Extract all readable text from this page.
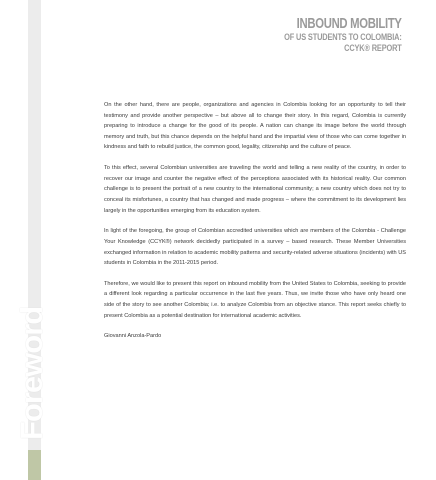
Foreword
INBOUND MOBILITY
OF US STUDENTS TO COLOMBIA:
CCYK® REPORT

On the other hand, there are people, organizations and agencies in Colombia looking for an opportunity to tell their testimony and provide another perspective – but above all to change their story. In this regard, Colombia is currently preparing to introduce a change for the good of its people. A nation can change its image before the world through memory and truth, but this chance depends on the helpful hand and the impartial view of those who can come together in kindness and faith to rebuild justice, the common good, legality, citizenship and the culture of peace.

To this effect, several Colombian universities are traveling the world and telling a new reality of the country, in order to recover our image and counter the negative effect of the perceptions associated with its historical reality. Our common challenge is to present the portrait of a new country to the international community; a new country which does not try to conceal its misfortunes, a country that has changed and made progress – where the commitment to its development lies largely in the opportunities emerging from its education system.

In light of the foregoing, the group of Colombian accredited universities which are members of the Colombia - Challenge Your Knowledge (CCYK®) network decidedly participated in a survey – based research. These Member Universities exchanged information in relation to academic mobility patterns and security-related adverse situations (incidents) with US students in Colombia in the 2011-2015 period.

Therefore, we would like to present this report on inbound mobility from the United States to Colombia, seeking to provide a different look regarding a particular occurrence in the last five years. Thus, we invite those who have only heard one side of the story to see another Colombia; i.e. to analyze Colombia from an objective stance. This report seeks chiefly to present Colombia as a potential destination for international academic activities.

Giovanni Anzola-Pardo
